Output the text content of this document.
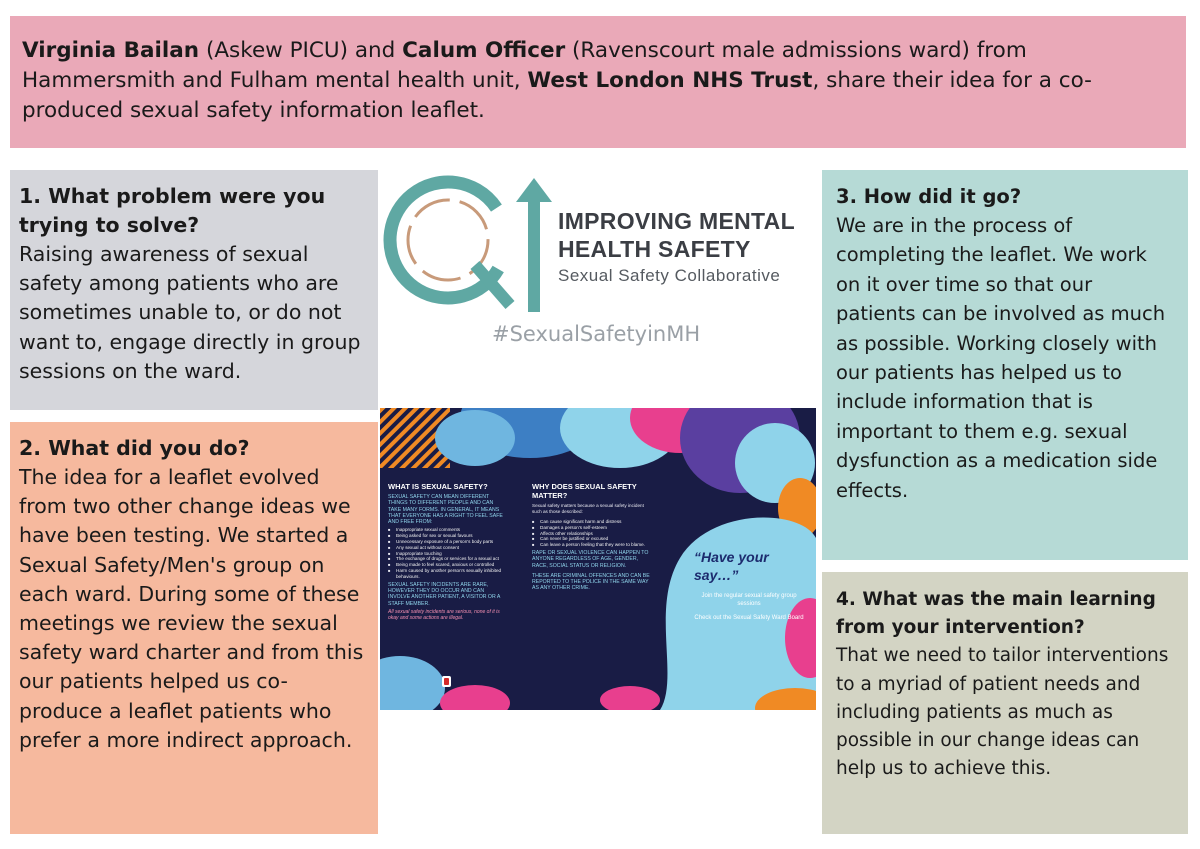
Virginia Bailan (Askew PICU) and Calum Officer (Ravenscourt male admissions ward) from Hammersmith and Fulham mental health unit, West London NHS Trust, share their idea for a co-produced sexual safety information leaflet.
1. What problem were you trying to solve?
Raising awareness of sexual safety among patients who are sometimes unable to, or do not want to, engage directly in group sessions on the ward.
2. What did you do?
The idea for a leaflet evolved from two other change ideas we have been testing. We started a Sexual Safety/Men's group on each ward. During some of these meetings we review the sexual safety ward charter and from this our patients helped us co-produce a leaflet patients who prefer a more indirect approach.
3. How did it go?
We are in the process of completing the leaflet. We work on it over time so that our patients can be involved as much as possible. Working closely with our patients has helped us to include information that is important to them e.g. sexual dysfunction as a medication side effects.
4. What was the main learning from your intervention?
That we need to tailor interventions to a myriad of patient needs and including patients as much as possible in our change ideas can help us to achieve this.
IMPROVING MENTAL
HEALTH SAFETY
Sexual Safety Collaborative
#SexualSafetyinMH
WHAT IS SEXUAL SAFETY?
SEXUAL SAFETY CAN MEAN DIFFERENT THINGS TO DIFFERENT PEOPLE AND CAN TAKE MANY FORMS. IN GENERAL, IT MEANS THAT EVERYONE HAS A RIGHT TO FEEL SAFE AND FREE FROM:
■ Inappropriate sexual comments
■ Being asked for sex or sexual favours
■ Unnecessary exposure of a person's body parts
■ Any sexual act without consent
■ Inappropriate touching
■ The exchange of drugs or services for a sexual act
■ Being made to feel scared, anxious or controlled
■ Harm caused by another person's sexually inhibited behaviours.
SEXUAL SAFETY INCIDENTS ARE RARE, HOWEVER THEY DO OCCUR AND CAN INVOLVE ANOTHER PATIENT, A VISITOR OR A STAFF MEMBER.
All sexual safety incidents are serious, none of it is okay and some actions are illegal.
WHY DOES SEXUAL SAFETY MATTER?
Sexual safety matters because a sexual safety incident such as those described:
■ Can cause significant harm and distress
■ Damages a person's self-esteem
■ Affects other relationships
■ Can never be justified or excused
■ Can leave a person feeling that they were to blame.
RAPE OR SEXUAL VIOLENCE CAN HAPPEN TO ANYONE REGARDLESS OF AGE, GENDER, RACE, SOCIAL STATUS OR RELIGION.
THESE ARE CRIMINAL OFFENCES AND CAN BE REPORTED TO THE POLICE IN THE SAME WAY AS ANY OTHER CRIME.
“Have your say…”
Join the regular sexual safety group sessions
Check out the Sexual Safety Ward Board
